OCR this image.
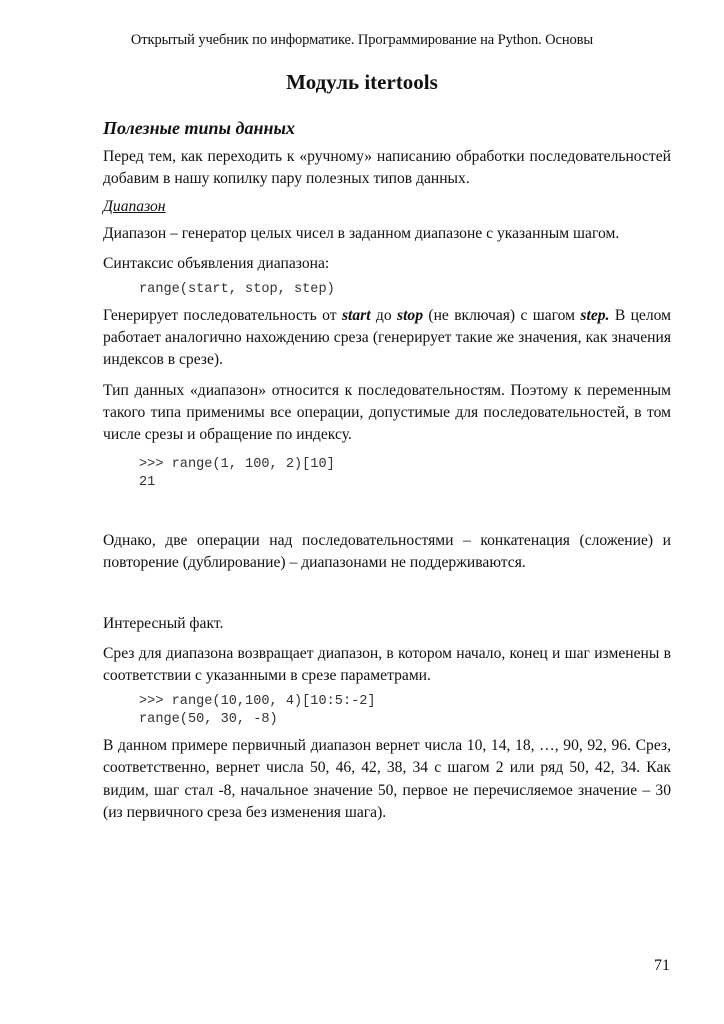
Открытый учебник по информатике. Программирование на Python. Основы
Модуль itertools
Полезные типы данных

Перед тем, как переходить к «ручному» написанию обработки последовательностей добавим в нашу копилку пару полезных типов данных.

Диапазон

Диапазон – генератор целых чисел в заданном диапазоне с указанным шагом.

Синтаксис объявления диапазона:

range(start, stop, step)

Генерирует последовательность от start до stop (не включая) с шагом step. В целом работает аналогично нахождению среза (генерирует такие же значения, как значения индексов в срезе).

Тип данных «диапазон» относится к последовательностям. Поэтому к переменным такого типа применимы все операции, допустимые для последовательностей, в том числе срезы и обращение по индексу.

>>> range(1, 100, 2)[10]
21

Однако, две операции над последовательностями – конкатенация (сложение) и повторение (дублирование) – диапазонами не поддерживаются.

Интересный факт.

Срез для диапазона возвращает диапазон, в котором начало, конец и шаг изменены в соответствии с указанными в срезе параметрами.

>>> range(10,100, 4)[10:5:-2]
range(50, 30, -8)

В данном примере первичный диапазон вернет числа 10, 14, 18, …, 90, 92, 96. Срез, соответственно, вернет числа 50, 46, 42, 38, 34 с шагом 2 или ряд 50, 42, 34. Как видим, шаг стал -8, начальное значение 50, первое не перечисляемое значение – 30 (из первичного среза без изменения шага).

71
